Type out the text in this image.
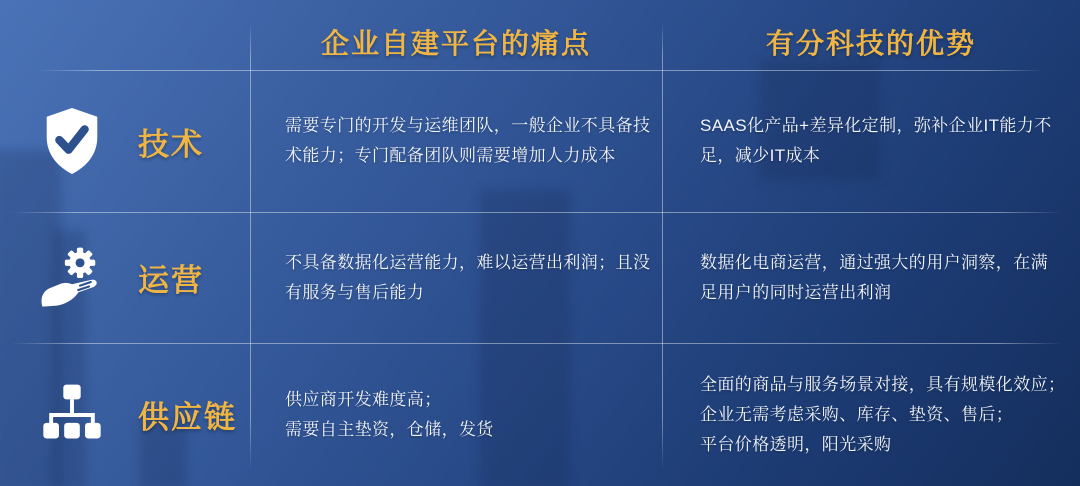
企业自建平台的痛点	有分科技的优势
技术
需要专门的开发与运维团队，一般企业不具备技
术能力；专门配备团队则需要增加人力成本
SAAS化产品+差异化定制，弥补企业IT能力不
足，减少IT成本
运营
不具备数据化运营能力，难以运营出利润；且没
有服务与售后能力
数据化电商运营，通过强大的用户洞察，在满
足用户的同时运营出利润
供应链
供应商开发难度高；
需要自主垫资，仓储，发货
全面的商品与服务场景对接，具有规模化效应；
企业无需考虑采购、库存、垫资、售后；
平台价格透明，阳光采购
